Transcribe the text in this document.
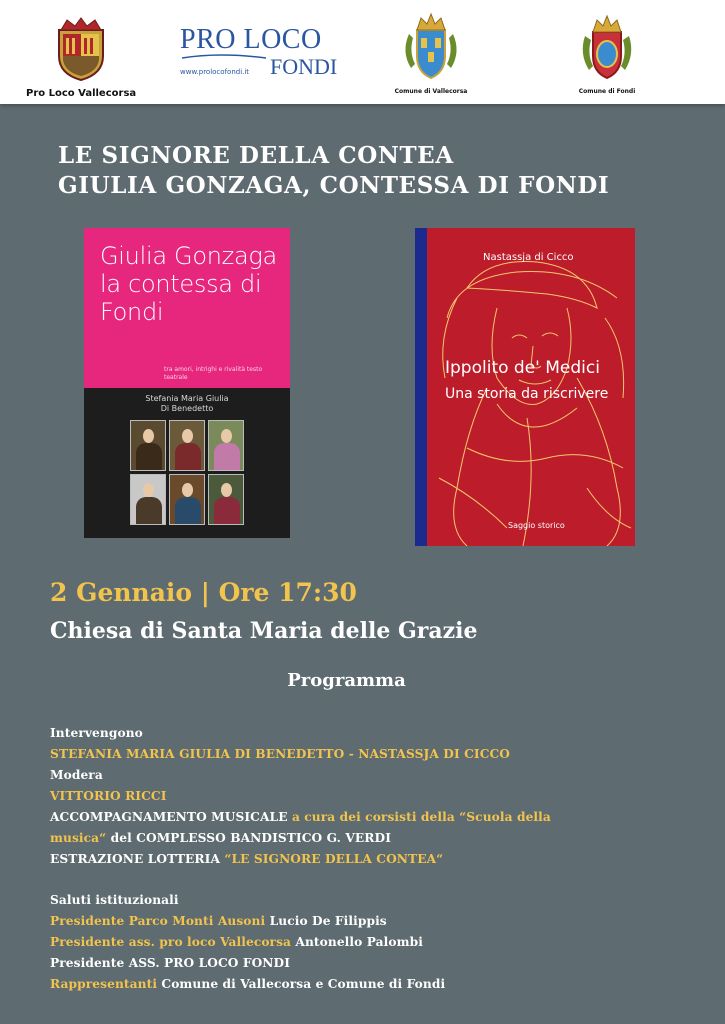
Pro Loco Vallecorsa
PRO LOCO
FONDI
www.prolocofondi.it
Comune di Vallecorsa	Comune di Fondi
LE SIGNORE DELLA CONTEA
GIULIA GONZAGA, CONTESSA DI FONDI
Giulia Gonzaga la contessa di Fondi
tra amori, intrighi e rivalità testo teatrale
Stefania Maria Giulia
Di Benedetto
Nastassja di Cicco
Ippolito de' Medici
Una storia da riscrivere
Saggio storico
2 Gennaio | Ore 17:30
Chiesa di Santa Maria delle Grazie
Programma
Intervengono
STEFANIA MARIA GIULIA DI BENEDETTO - NASTASSJA DI CICCO
Modera
VITTORIO RICCI
ACCOMPAGNAMENTO MUSICALE a cura dei corsisti della “Scuola della
musica“ del COMPLESSO BANDISTICO G. VERDI
ESTRAZIONE LOTTERIA “LE SIGNORE DELLA CONTEA“
Saluti istituzionali
Presidente Parco Monti Ausoni Lucio De Filippis
Presidente ass. pro loco Vallecorsa Antonello Palombi
Presidente ASS. PRO LOCO FONDI
Rappresentanti Comune di Vallecorsa e Comune di Fondi
